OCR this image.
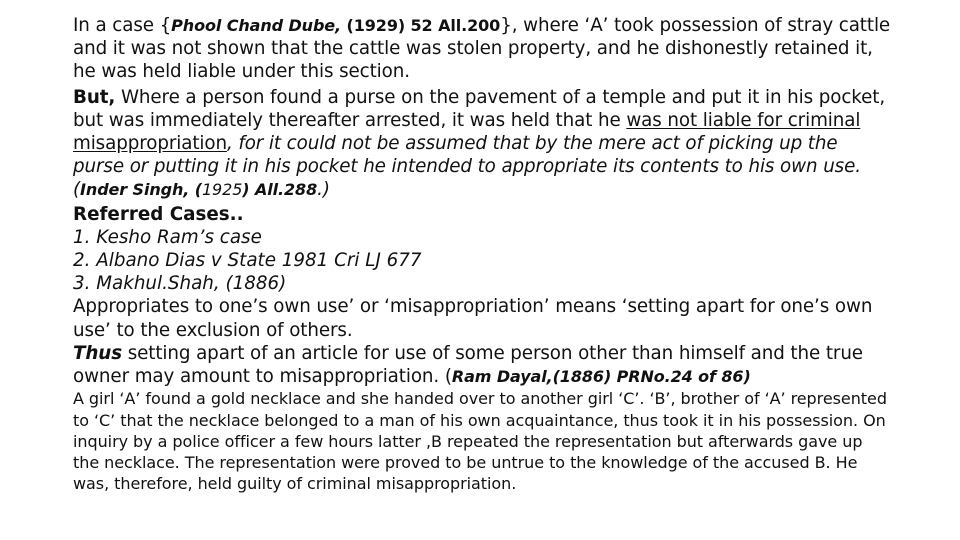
In a case {Phool Chand Dube, (1929) 52 All.200}, where ‘A’ took possession of stray cattle and it was not shown that the cattle was stolen property, and he dishonestly retained it, he was held liable under this section.

But, Where a person found a purse on the pavement of a temple and put it in his pocket, but was immediately thereafter arrested, it was held that he was not liable for criminal misappropriation, for it could not be assumed that by the mere act of picking up the purse or putting it in his pocket he intended to appropriate its contents to his own use. (Inder Singh, (1925) All.288.)

Referred Cases..

1. Kesho Ram’s case

2. Albano Dias v State 1981 Cri LJ 677

3. Makhul.Shah, (1886)

Appropriates to one’s own use’ or ‘misappropriation’ means ‘setting apart for one’s own use’ to the exclusion of others.

Thus setting apart of an article for use of some person other than himself and the true owner may amount to misappropriation. (Ram Dayal,(1886) PRNo.24 of 86)

A girl ‘A’ found a gold necklace and she handed over to another girl ‘C’. ‘B’, brother of ‘A’ represented to ‘C’ that the necklace belonged to a man of his own acquaintance, thus took it in his possession. On inquiry by a police officer a few hours latter ,B repeated the representation but afterwards gave up the necklace. The representation were proved to be untrue to the knowledge of the accused B. He was, therefore, held guilty of criminal misappropriation.
